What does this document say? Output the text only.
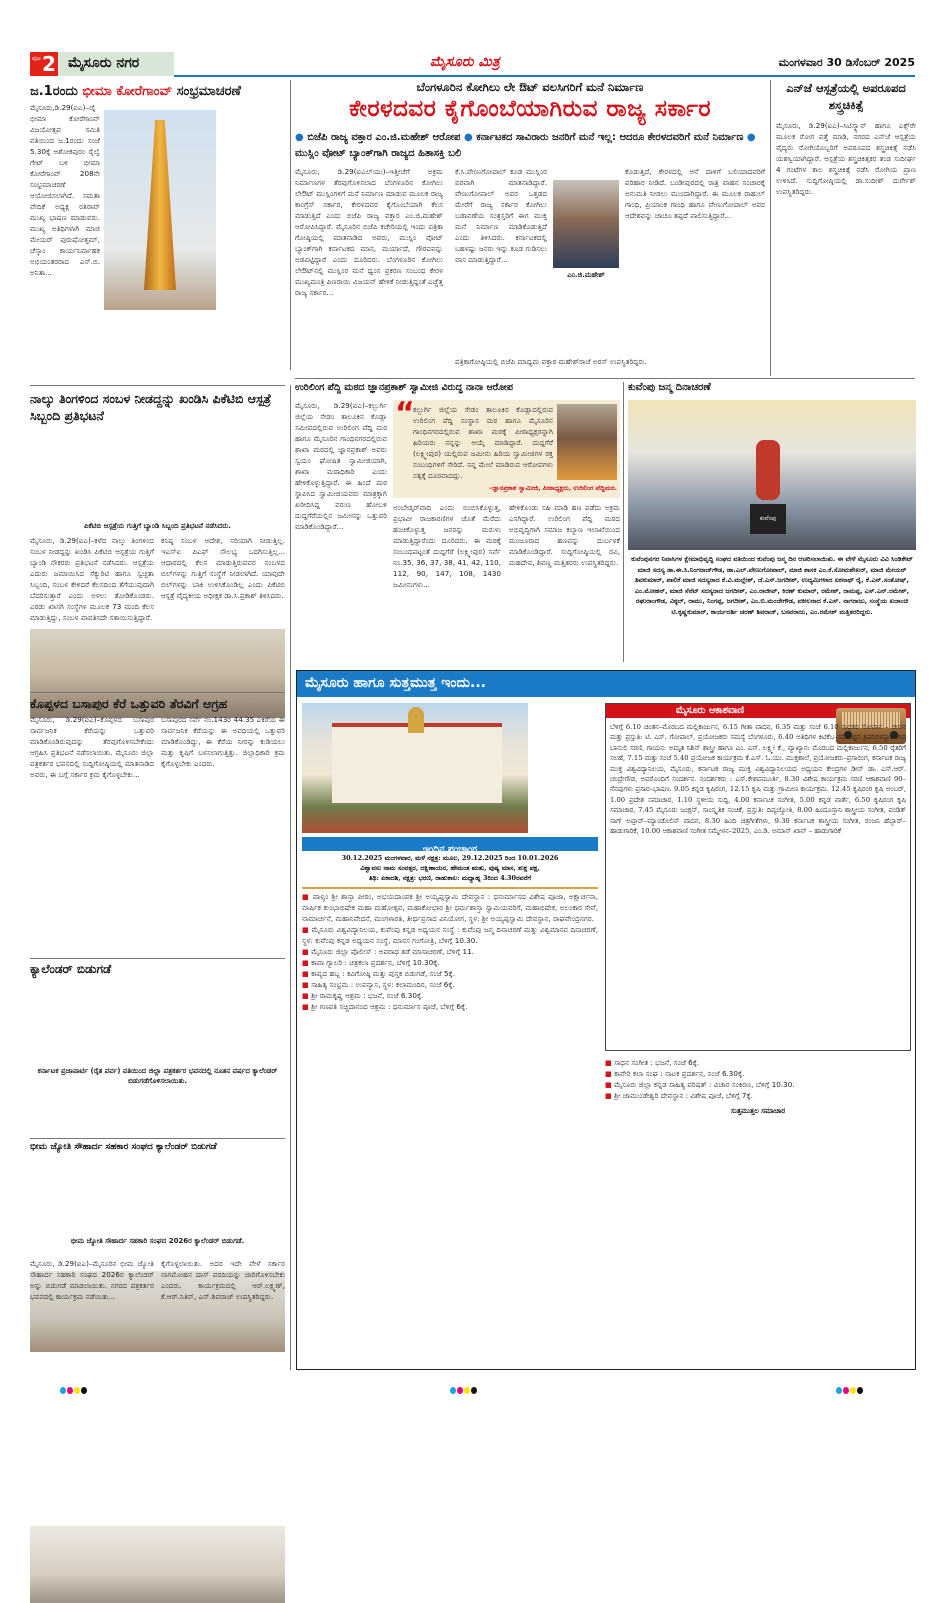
ಪುಟ 2 ಮೈಸೂರು ನಗರ	ಮೈಸೂರು ಮಿತ್ರ	ಮಂಗಳವಾರ 30 ಡಿಸೆಂಬರ್ 2025
ಜ.1ರಂದು ಭೀಮಾ ಕೋರೆಗಾಂವ್ ಸಂಭ್ರಮಾಚರಣೆ
ಮೈಸೂರು,ಡಿ.29(ಐಎ)–ಜೈ ಭೀಮಾ ಕೋರೆಗಾಂವ್ ವಿಜಯೋತ್ಸವ ಸಮಿತಿ ವತಿಯಿಂದ ಜ.1ರಂದು ಸಂಜೆ 5.30ಕ್ಕೆ ಅಶೋಕಪುರಂ ರೈಲ್ವೆ ಗೇಟ್ ಬಳಿ ಭೀಮಾ ಕೋರೆಗಾಂವ್ 208ನೇ ಸಂಭ್ರಮಾಚರಣೆ ಆಯೋಜಿಸಲಾಗಿದೆ. ಸಮತಾ ವೇದಿಕೆ ಅಧ್ಯಕ್ಷ ರತಿರಾವ್ ಮುಖ್ಯ ಭಾಷಣ ಮಾಡುವರು. ಮುಖ್ಯ ಅತಿಥಿಗಳಾಗಿ ಮಾಜಿ ಮೇಯರ್ ಪುರುಷೋತ್ತಮ್, ಚೆಸ್ಕಾಂ ಕಾರ್ಯನಿರ್ವಾಹಕ ಅಭಿಯಂತರರಾದ ಎಸ್.ಬಿ. ಅನಿತಾ...
ನಾಲ್ಕು ತಿಂಗಳಿಂದ ಸಂಬಳ ನೀಡದ್ದನ್ನು ಖಂಡಿಸಿ ಪಿಕೆಟಿಬಿ ಆಸ್ಪತ್ರೆ ಸಿಬ್ಬಂದಿ ಪ್ರತಿಭಟನೆ
ಪಿಕೆಟಿಬಿ ಆಸ್ಪತ್ರೆಯ ಗುತ್ತಿಗೆ ಬ್ಯಾಂಡಿ ಸಿಬ್ಬಂದಿ ಪ್ರತಿಭಟನೆ ನಡೆಸಿದರು.
ಮೈಸೂರು, ಡಿ.29(ಐಎ)–ಕಳೆದ ನಾಲ್ಕು ತಿಂಗಳಿಂದ ಸಂಬಳ ನೀಡದ್ದನ್ನು ಖಂಡಿಸಿ ಪಿಕೆಟಿಬಿ ಆಸ್ಪತ್ರೆಯ ಗುತ್ತಿಗೆ ಬ್ಯಾಂಡಿ ನೌಕರರು ಪ್ರತಿಭಟನೆ ನಡೆಸಿದರು. ಆಸ್ಪತ್ರೆಯ ಎದುರು ಜಮಾಯಿಸಿದ ಸೆಕ್ಯುರಿಟಿ ಹಾಗೂ ಸ್ವಚ್ಛತಾ ಸಿಬ್ಬಂದಿ, ಸಂಬಳ ಕೇಳಿದರೆ ಕೆಲಸದಿಂದ ತೆಗೆಯುವುದಾಗಿ ಬೆದರಿಸುತ್ತಾರೆ ಎಂದು ಅಳಲು ತೋಡಿಕೊಂಡರು. ಎರಡು ಖಾಸಗಿ ಸಂಸ್ಥೆಗಳ ಮೂಲಕ 73 ಮಂದಿ ಕೆಲಸ ಮಾಡುತ್ತಿದ್ದು, ಸಂಬಳ ಪಾವತಿಸದೇ ಸತಾಯಿಸುತ್ತಿದ್ದಾರೆ.
ಕನಿಷ್ಠ ಸಂಬಳ ಆದೇಶ, ಸರಿಯಾಗಿ ನೀಡುತ್ತಿಲ್ಲ. ಇಎಸ್‌ಐ ಪಿಎಫ್ ಸೌಲಭ್ಯ ಒದಗಿಸುತ್ತಿಲ್ಲ... ಆಧಾರದಲ್ಲಿ ಕೆಲಸ ಮಾಡುತ್ತಿರುವವರ ಸಂಬಳದ ಬಿಲ್‌ಗಳನ್ನು ಗುತ್ತಿಗೆ ಸಂಸ್ಥೆಗೆ ನೀಡಲಾಗಿದೆ. ಯಾವುದೇ ಬಿಲ್‌ಗಳನ್ನು ಬಾಕಿ ಉಳಿಸಿಕೊಂಡಿಲ್ಲ ಎಂದು ಪಿಕೆಟಿಬಿ ಆಸ್ಪತ್ರೆ ವೈದ್ಯಕೀಯ ಅಧೀಕ್ಷಕ ಡಾ.ಸಿ.ಪ್ರಕಾಶ್ ತಿಳಿಸಿದರು.
ಕೊಪ್ಪಳದ ಬಸಾಪುರ ಕೆರೆ ಒತ್ತುವರಿ ತೆರವಿಗೆ ಆಗ್ರಹ
ಮೈಸೂರು, ಡಿ.29(ಐಎ)–ಕೊಪ್ಪಳದ ಬಸಾಪುರ ಸಾರ್ವಜನಿಕ ಕೆರೆಯನ್ನು ಒತ್ತುವರಿ ಮಾಡಿಕೊಂಡಿರುವುದನ್ನು ತೆರವುಗೊಳಿಸಬೇಕೆಂದು ಆಗ್ರಹಿಸಿ ಪ್ರತಿಭಟನೆ ನಡೆಸಲಾಯಿತು. ಮೈಸೂರು ಜಿಲ್ಲಾ ಪತ್ರಕರ್ತರ ಭವನದಲ್ಲಿ ಸುದ್ದಿಗೋಷ್ಠಿಯಲ್ಲಿ ಮಾತನಾಡಿದ ಅವರು, ಈ ಬಗ್ಗೆ ಸರ್ಕಾರ ಕ್ರಮ ಕೈಗೊಳ್ಳಬೇಕು...
ಬಸಾಪುರದ ಸರ್ವೆ ನಂ.143ರ 44.35 ಎಕರೆಯ ಈ ಸಾರ್ವಜನಿಕ ಕೆರೆಯನ್ನು ಈ ಅವಧಿಯಲ್ಲಿ ಒತ್ತುವರಿ ಮಾಡಿಕೊಂಡಿದ್ದು, ಈ ಕೆರೆಯ ನೀರನ್ನು ಕುಡಿಯಲು ಮತ್ತು ಕೃಷಿಗೆ ಬಳಸಲಾಗುತ್ತಿತ್ತು. ಜಿಲ್ಲಾಧಿಕಾರಿ ಕ್ರಮ ಕೈಗೊಳ್ಳಬೇಕು ಎಂದರು.
ಕ್ಯಾಲೆಂಡರ್ ಬಿಡುಗಡೆ
ಕರ್ನಾಟಕ ಪ್ರಜಾಪಾರ್ಟಿ (ರೈತ ಪರ್ವ) ವತಿಯಿಂದ ಜಿಲ್ಲಾ ಪತ್ರಕರ್ತರ ಭವನದಲ್ಲಿ ನೂತನ ವರ್ಷದ ಕ್ಯಾಲೆಂಡರ್ ಬಿಡುಗಡೆಗೊಳಿಸಲಾಯಿತು.
ಭೀಮ ಜ್ಯೋತಿ ಸೌಹಾರ್ದ ಸಹಕಾರ ಸಂಘದ ಕ್ಯಾಲೆಂಡರ್ ಬಿಡುಗಡೆ
ಭೀಮ ಜ್ಯೋತಿ ಸೌಹಾರ್ದ ಸಹಕಾರಿ ಸಂಘದ 2026ರ ಕ್ಯಾಲೆಂಡರ್ ಬಿಡುಗಡೆ.
ಮೈಸೂರು, ಡಿ.29(ಐಎ)–ಮೈಸೂರಿನ ಭೀಮ ಜ್ಯೋತಿ ಸೌಹಾರ್ದ ಸಹಕಾರಿ ಸಂಘದ 2026ರ ಕ್ಯಾಲೆಂಡರ್ ಅನ್ನು ಬಿಡುಗಡೆ ಮಾಡಲಾಯಿತು. ನಗರದ ಪತ್ರಕರ್ತರ ಭವನದಲ್ಲಿ ಕಾರ್ಯಕ್ರಮ ನಡೆಯಿತು...
ಕೈಗೊಳ್ಳಲಾಯಿತು. ಅದರ ಇದೇ ವೇಳೆ ಸರ್ಕಾರ ನಾಗಮೋಹನ ದಾಸ್ ವರದಿಯನ್ನು ಜಾರಿಗೊಳಿಸಬೇಕು ಎಂದರು. ಕಾರ್ಯಕ್ರಮದಲ್ಲಿ ಆರ್.ಲಕ್ಷ್ಮಣ್, ಕೆ.ಆರ್.ನಿತಿನ್, ಎಸ್.ಶಿವರಾಜ್ ಉಪಸ್ಥಿತರಿದ್ದರು.
ಬೆಂಗಳೂರಿನ ಕೋಗಿಲು ಲೇ ಔಟ್ ವಲಸಿಗರಿಗೆ ಮನೆ ನಿರ್ಮಾಣ
ಕೇರಳದವರ ಕೈಗೊಂಬೆಯಾಗಿರುವ ರಾಜ್ಯ ಸರ್ಕಾರ
● ಬಿಜೆಪಿ ರಾಜ್ಯ ವಕ್ತಾರ ಎಂ.ಜಿ.ಮಹೇಶ್ ಆರೋಪ ● ಕರ್ನಾಟಕದ ಸಾವಿರಾರು ಜನರಿಗೆ ಮನೆ ಇಲ್ಲ: ಆದರೂ ಕೇರಳದವರಿಗೆ ಮನೆ ನಿರ್ಮಾಣ ● ಮುಸ್ಲಿಂ ವೋಟ್ ಬ್ಯಾಂಕ್‌ಗಾಗಿ ರಾಜ್ಯದ ಹಿತಾಸಕ್ತಿ ಬಲಿ
ಮೈಸೂರು, ಡಿ.29(ಐಎಲ್‌ಯು)–ಇತ್ತೀಚೆಗೆ ಅಕ್ರಮ ನಿರ್ಮಾಣಗಳ ತೆರವುಗೊಳಿಸಲಾದ ಬೆಂಗಳೂರಿನ ಕೋಗಿಲು ಲೇಔಟ್ ಮುಸ್ಲಿಂಗಳಿಗೆ ಮನೆ ನಿರ್ಮಾಣ ಮಾಡುವ ಮೂಲಕ ರಾಜ್ಯ ಕಾಂಗ್ರೆಸ್ ಸರ್ಕಾರ, ಕೇರಳದವರ ಕೈಗೊಂಬೆಯಾಗಿ ಕೆಲಸ ಮಾಡುತ್ತಿದೆ ಎಂದು ಬಿಜೆಪಿ ರಾಜ್ಯ ವಕ್ತಾರ ಎಂ.ಜಿ.ಮಹೇಶ್ ಆರೋಪಿಸಿದ್ದಾರೆ. ಮೈಸೂರಿನ ಬಿಜೆಪಿ ಕಚೇರಿಯಲ್ಲಿ ಇಂದು ಪತ್ರಿಕಾ ಗೋಷ್ಠಿಯಲ್ಲಿ ಮಾತನಾಡಿದ ಅವರು, ಮುಸ್ಲಿಂ ವೋಟ್ ಬ್ಯಾಂಕ್‌ಗಾಗಿ ಕರ್ನಾಟಕದ ಮಾನ, ಮರ್ಯಾದೆ, ಗೌರವವನ್ನು ಅಡವಿಟ್ಟಿದ್ದಾರೆ ಎಂದು ದೂರಿದರು. ಬೆಂಗಳೂರಿನ ಕೋಗಿಲು ಲೇಔಟ್‌ನಲ್ಲಿ ಮುಸ್ಲಿಂರ ಮನೆ ಧ್ವಂಸ ಪ್ರಕರಣ ಸಂಬಂಧ ಕೇರಳ ಮುಖ್ಯಮಂತ್ರಿ ಪಿಣರಾಯಿ ವಿಜಯನ್ ಹೇಳಿಕೆ ನೀಡುತ್ತಿದ್ದಂತೆ ಎಚ್ಚೆತ್ತ ರಾಜ್ಯ ಸರ್ಕಾರ...
ಕೆ.ಸಿ.ವೇಣುಗೋಪಾಲ್ ಕೂಡ ಮುಸ್ಲಿಂರ ಪರವಾಗಿ ಮಾತನಾಡಿದ್ದಾರೆ. ವೇಣುಗೋಪಾಲ್ ಅವರ ಒತ್ತಡದ ಮೇರೆಗೆ ರಾಜ್ಯ ಸರ್ಕಾರ ಕೋಗಿಲು ಬಡಾವಣೆಯ ಸಂತ್ರಸ್ತರಿಗೆ ಈಗ ಮುಕ್ತ ಮನೆ ನಿರ್ಮಾಣ ಮಾಡಿಕೊಡುತ್ತಿದೆ ಎಂದು ತಿಳಿಸಿದರು. ಕರ್ನಾಟಕದಲ್ಲಿ ಬಹಳಷ್ಟು ಜನರು ಇನ್ನು ಕೂಡ ಗುಡಿಸಲು ವಾಸ ಮಾಡುತ್ತಿದ್ದಾರೆ...
ಎಂ.ಜಿ.ಮಹೇಶ್
ಕೊಡುತ್ತಿದೆ, ಕೇರಳದಲ್ಲಿ ಆನೆ ದಾಳಿಗೆ ಬಲಿಯಾದವರಿಗೆ ಪರಿಹಾರ ನೀಡಿದೆ. ಬಂಡೀಪುರದಲ್ಲಿ ರಾತ್ರಿ ವಾಹನ ಸಂಚಾರಕ್ಕೆ ಅನುಮತಿ ನೀಡಲು ಮುಂದಾಗಿದ್ದಾರೆ. ಈ ಮೂಲಕ ರಾಹುಲ್ ಗಾಂಧಿ, ಪ್ರಿಯಾಂಕ ಗಾಂಧಿ ಹಾಗೂ ವೇಣುಗೋಪಾಲ್ ಅವರ ಆದೇಶವನ್ನು ಚಾಚೂ ತಪ್ಪದೆ ಪಾಲಿಸುತ್ತಿದ್ದಾರೆ...
ಪತ್ರಿಕಾಗೋಷ್ಠಿಯಲ್ಲಿ ಬಿಜೆಪಿ ಮಾಧ್ಯಮ ವಕ್ತಾರ ಮಹೇಶ್‌ರಾಜೆ ಅರಸ್ ಉಪಸ್ಥಿತರಿದ್ದರು.
ಎನ್‌ಜೆ ಆಸ್ಪತ್ರೆಯಲ್ಲಿ ಅಪರೂಪದ ಶಸ್ತ್ರಚಿಕಿತ್ಸೆ
ಮೈಸೂರು, ಡಿ.29(ಐಎ)–ಸಿಟಿಸ್ಕ್ಯಾನ್ ಹಾಗೂ ಎಕ್ಸ್‌ರೇ ಮೂಲಕ ರೋಗ ಪತ್ತೆ ಮಾಡಿ, ನಗರದ ಎನ್‌ಜೆ ಆಸ್ಪತ್ರೆಯ ವೈದ್ಯರು ರೋಗಿಯೊಬ್ಬರಿಗೆ ಅಪರೂಪದ ಶಸ್ತ್ರಚಿಕಿತ್ಸೆ ನಡೆಸಿ ಯಶಸ್ವಿಯಾಗಿದ್ದಾರೆ. ಆಸ್ಪತ್ರೆಯ ಶಸ್ತ್ರಚಿಕಿತ್ಸಕರ ತಂಡ ಸುದೀರ್ಘ 4 ಗಂಟೆಗಳ ಕಾಲ ಶಸ್ತ್ರಚಿಕಿತ್ಸೆ ನಡೆಸಿ ರೋಗಿಯ ಪ್ರಾಣ ಉಳಿಸಿದೆ. ಸುದ್ದಿಗೋಷ್ಠಿಯಲ್ಲಿ ಡಾ.ಸುದೀಶ್ ದುರ್ಗೇಶ್ ಉಪಸ್ಥಿತರಿದ್ದರು.
ಉರಿಲಿಂಗ ಪೆದ್ದಿ ಮಠದ ಜ್ಞಾನಪ್ರಕಾಶ್ ಸ್ವಾಮೀಜಿ ವಿರುದ್ಧ ನಾನಾ ಆರೋಪ
ಮೈಸೂರು, ಡಿ.29(ಐಎ)–ಕಲ್ಬುರ್ಗಿ ಜಿಲ್ಲೆಯ ಸೇಡಂ ತಾಲೂಕಿನ ಕೊಡ್ಲಾ ಸಮೀಪದಲ್ಲಿರುವ ಉರಿಲಿಂಗ ಪೆದ್ದಿ ಮಠ ಹಾಗೂ ಮೈಸೂರಿನ ಗಾಂಧಿನಗರದಲ್ಲಿರುವ ಶಾಖಾ ಮಠದಲ್ಲಿ ಜ್ಞಾನಪ್ರಕಾಶ್ ಅವರು ಸ್ವಯಂ ಘೋಷಿತ ಸ್ವಾಮೀಜಿಯಾಗಿ, ಶಾಖಾ ಮಠಾಧಿಕಾರಿ ಎಂದು ಹೇಳಿಕೊಳ್ಳುತ್ತಿದ್ದಾರೆ. ಈ ಹಿಂದೆ ಮಠ ಸ್ಥಾಪಿಸಿದ ಸ್ವಾಮೀಜಿಯವರು ಮಾತ್ರಕ್ಕಾಗಿ ಖರೀದಿಸಿದ್ದ ವರುಣ ಹೋಬಳಿ ದುದ್ದಗೆರೆಯಲ್ಲಿನ ಜಮೀನನ್ನು ಒತ್ತುವರಿ ಮಾಡಿಕೊಂಡಿದ್ದಾರೆ...
“
ಕಲ್ಬುರ್ಗಿ ಜಿಲ್ಲೆಯ ಸೇಡಂ ತಾಲೂಕಿನ ಕೊಡ್ಲಾದಲ್ಲಿರುವ ಉರಿಲಿಂಗ ಪೆದ್ದಿ ಸಂಸ್ಥಾನ ಮಠ ಹಾಗೂ ಮೈಸೂರಿನ ಗಾಂಧಿನಗರದಲ್ಲಿರುವ ಶಾಖಾ ಮಠಕ್ಕೆ ಪೀಠಾಧ್ಯಕ್ಷರನ್ನಾಗಿ ಹಿರಿಯರು ನನ್ನನ್ನು ಆಯ್ಕೆ ಮಾಡಿದ್ದಾರೆ. ದುದ್ದಗೆರೆ (ಲಕ್ಷ್ಮೀಪುರ) ಯಲ್ಲಿರುವ ಜಮೀನು ಹಿರಿಯ ಸ್ವಾಮೀಜಿಗಳ ರಕ್ತ ಸಂಬಂಧಿಗಳಿಗೆ ಸೇರಿದೆ. ನನ್ನ ಮೇಲೆ ಮಾಡಿರುವ ಆರೋಪಗಳು ಸತ್ಯಕ್ಕೆ ದೂರವಾದದ್ದು.
–ಜ್ಞಾನಪ್ರಕಾಶ ಸ್ವಾಮೀಜಿ, ಪೀಠಾಧ್ಯಕ್ಷರು, ಉರಿಲಿಂಗ ಪೆದ್ದಿಮಠ.
ಅಂಬೇಡ್ಕರ್‌ವಾದಿ ಎಂದು ಬಿಂಬಿಸಿಕೊಳ್ಳುತ್ತ, ಪ್ರಭಾವೀ ರಾಜಕಾರಣಿಗಳ ಜೊತೆ ಮೆರೆದು ಹಂಚಿಕೊಳ್ಳುತ್ತ ಜನರನ್ನು ಮರುಳು ಮಾಡುತ್ತಿದ್ದಾರೆಂದು ದೂರಿದರು. ಈ ಮಠಕ್ಕೆ ಸಂಬಂಧಪಟ್ಟಂತೆ ದುದ್ದಗೆರೆ (ಲಕ್ಷ್ಮೀಪುರ) ಸರ್ವೆ ನಂ.35, 36, 37, 38, 41, 42, 110, 112, 90, 147, 108, 1430 ಜಮೀನುಗಳು...
ಹೇಳಿಕೊಂಡು ಸಹಿ ಮಾಡಿ ಹಣ ಪಡೆದು ಅಕ್ರಮ ಎಸಗಿದ್ದಾರೆ. ಉರಿಲಿಂಗ ಪೆದ್ದಿ ಮಠದ ಅಭಿವೃದ್ಧಿಗಾಗಿ ಸಮಾಜ ಕಲ್ಯಾಣ ಇಲಾಖೆಯಿಂದ ಮಂಜೂರಾದ ಹಣವನ್ನು ದುರ್ಬಳಕೆ ಮಾಡಿಕೊಂಡಿದ್ದಾರೆ. ಸುದ್ದಿಗೋಷ್ಠಿಯಲ್ಲಿ ರವಿ, ಮಹದೇವ, ಶಿವಣ್ಣ ಮತ್ತಿತರರು ಉಪಸ್ಥಿತರಿದ್ದರು.
ಕುವೆಂಪು ಜನ್ಮ ದಿನಾಚರಣೆ
ಕುವೆಂಪು
ಕುವೆಂಪುನಗರ ನಿವಾಸಿಗಳ ಕ್ಷೇಮಾಭಿವೃದ್ಧಿ ಸಂಘದ ವತಿಯಿಂದ ಕುವೆಂಪು ಜನ್ಮ ದಿನ ಆಚರಿಸಲಾಯಿತು. ಈ ವೇಳೆ ಮೈಸೂರು ವಿವಿ ಸಿಂಡಿಕೇಟ್ ಮಾಜಿ ಸದಸ್ಯ ಡಾ.ಈ.ಸಿ.ನಿಂಗರಾಜ್‌ಗೌಡ, ಡಾ.ಎಲ್.ವೇಣುಗೋಪಾಲ್, ಮಾಜಿ ಶಾಸಕ ಎಂ.ಕೆ.ಸೋಮಶೇಖರ್, ಮಾಜಿ ಮೇಯರ್ ಶಿವಕುಮಾರ್, ಪಾಲಿಕೆ ಮಾಜಿ ಸದಸ್ಯರಾದ ಕೆ.ವಿ.ಮಲ್ಲೇಶ್, ಜೆ.ಎಸ್.ಜಗದೀಶ್, ಉದ್ಯಮಿಗಳಾದ ಏಕನಾಥ್ ರೈ, ಕೆ.ಎನ್.ಸಂತೋಷ್, ಎಂ.ಮೋಹನ್, ಮಾಜಿ ಸೆನೆಟ್ ಸದಸ್ಯರಾದ ಜಗದೀಶ್, ಎಂ.ರಾಜೀವ್, ಕಿರಣ್ ಕುಮಾರ್, ರಮೇಶ್, ರಾಮಪ್ಪ, ಎಸ್.ಎನ್.ರಮೇಶ್, ರಘುರಾಂಗೌಡ, ವಿಠ್ಠಲ್, ರಾಮು, ನಿಂಗಪ್ಪ, ಜಗದೀಶ್, ಎಂ.ಬಿ.ಮಂಜೇಗೌಡ, ವಕೀಲರಾದ ಕೆ.ಎಸ್. ನಾಗರಾಜು, ಸಂಸ್ಥೆಯ ಖಜಾಂಚಿ ಟಿ.ಕೃಷ್ಣಕುಮಾರ್, ಕಾರ್ಯದರ್ಶಿ ಚರಣ್ ಶಿವರಾಜ್, ಬಸವರಾಜು, ಎಂ.ರಮೇಶ್ ಮತ್ತಿತರರಿದ್ದರು.
ಮೈಸೂರು ಹಾಗೂ ಸುತ್ತಮುತ್ತ ಇಂದು...
ಇಂದಿನ ಪಂಚಾಂಗ
30.12.2025 ಮಂಗಳವಾರ, ಮಳೆ ನಕ್ಷತ್ರ: ಮೂಲ, 29.12.2025 ರಿಂದ 10.01.2026
ವಿಶ್ವಾವಸು ನಾಮ ಸಂವತ್ಸರ, ದಕ್ಷಿಣಾಯನ, ಹೇಮಂತ ಋತು, ಪುಷ್ಯ ಮಾಸ, ಶುಕ್ಲ ಪಕ್ಷ,
ತಿಥಿ: ಏಕಾದಶಿ, ನಕ್ಷತ್ರ: ಭರಣಿ, ರಾಹುಕಾಲ: ಮಧ್ಯಾಹ್ನ 3ರಿಂದ 4.30ರವರೆಗೆ
■ ಪಾಳ್ಯಂ ಶ್ರೀ ಶಾಸ್ತಾ ಪೀಠಂ, ಅಭಯದಾಂಪಕ ಶ್ರೀ ಅಯ್ಯಪ್ಪಸ್ವಾಮಿ ದೇವಸ್ಥಾನ : ಧನುರ್ಮಾಸದ ವಿಶೇಷ ಪೂಜಾ, ಅಕ್ಷಾರ್ಚನಾ, ವಾರ್ಷಿಕ ಕುಂಭಾಭಿಷೇಕ ಮಹಾ ಮಹೋತ್ಸವ, ಮಹಾಕೋಭಾರ ಶ್ರೀ ಧರ್ಮಶಾಸ್ತಾ ಸ್ವಾಮಿಯವರಿಗೆ, ಮಹಾಭಿಷೇಕ, ಅಲಂಕಾರ ಸೇವೆ, ನಾಮಾರ್ಚನೆ, ಮಹಾನಿವೇದನೆ, ಮಂಗಳಾರತಿ, ತೀರ್ಥಪ್ರಸಾದ ವಿನಿಯೋಗ, ಸ್ಥಳ: ಶ್ರೀ ಅಯ್ಯಪ್ಪಸ್ವಾಮಿ ದೇವಸ್ಥಾನ, ರಾಘವೇಂದ್ರನಗರ.
■ ಮೈಸೂರು ವಿಶ್ವವಿದ್ಯಾನಿಲಯ, ಕುವೆಂಪು ಕನ್ನಡ ಅಧ್ಯಯನ ಸಂಸ್ಥೆ : ಕುವೆಂಪು ಜನ್ಮ ದಿನಾಚರಣೆ ಮತ್ತು ವಿಶ್ವಮಾನವ ದಿನಾಚರಣೆ, ಸ್ಥಳ: ಕುವೆಂಪು ಕನ್ನಡ ಅಧ್ಯಯನ ಸಂಸ್ಥೆ, ಮಾನಸ ಗಂಗೋತ್ರಿ, ಬೆಳಿಗ್ಗೆ 10.30.
■ ಮೈಸೂರು ಜಿಲ್ಲಾ ಪೊಲೀಸ್ : ಅಪರಾಧ ತಡೆ ಮಾಸಾಚರಣೆ, ಬೆಳಿಗ್ಗೆ 11.
■ ಕಾವಾ ಗ್ಯಾಲರಿ : ಚಿತ್ರಕಲಾ ಪ್ರದರ್ಶನ, ಬೆಳಿಗ್ಗೆ 10.30ಕ್ಕೆ.
■ ಕಾವ್ಯದ ಹಬ್ಬ : ಕವಿಗೋಷ್ಠಿ ಮತ್ತು ಪುಸ್ತಕ ಬಿಡುಗಡೆ, ಸಂಜೆ 5ಕ್ಕೆ.
■ ಸಾಹಿತ್ಯ ಸಂಭ್ರಮ : ಉಪನ್ಯಾಸ, ಸ್ಥಳ: ಕಲಾಮಂದಿರ, ಸಂಜೆ 6ಕ್ಕೆ.
■ ಶ್ರೀ ರಾಮಕೃಷ್ಣ ಆಶ್ರಮ : ಭಜನೆ, ಸಂಜೆ 6.30ಕ್ಕೆ.
■ ಶ್ರೀ ಗಣಪತಿ ಸಚ್ಚಿದಾನಂದ ಆಶ್ರಮ : ಧನುರ್ಮಾಸ ಪೂಜೆ, ಬೆಳಿಗ್ಗೆ 6ಕ್ಕೆ.
ಮೈಸೂರು ಆಕಾಶವಾಣಿ
ಬೆಳಿಗ್ಗೆ 6.10 ಚಿಂತನ–ಮೊರಬದ ಮಲ್ಲಿಕಾರ್ಜುನ, 6.15 ಗೀತಾ ವಾದನ, 6.35 ಮತ್ತು ಸಂಜೆ 6.10 ಸಾಧಕರ ಸೋಪಾನ – ಜೀವನ ಮತ್ತು ಪ್ರಸ್ತುತಿ: ಟಿ. ಎಸ್. ಗೋಪಾಲ್, ಪ್ರಯೋಜಕರು ಸಮಸ್ಯೆ ಬೆಂಗಳೂರು, 6.40 ಅತಿಥಿಗಳ ಕಿಟಿಕೆಬ–ಸರ್ಪಾಟ್ಟಿನ ತ್ರಿಪದಿಗಳನ್ನಾಧರಿಸಿದ ಬಾನುಲಿ ಸರಣಿ, ಗಾಯನ: ಅಮೃತ ನಿಶಿನ್ ಶಾಸ್ತ್ರೀ ಹಾಗೂ ಎಂ. ಎಸ್. ಲಕ್ಷ್ಮೀ ಕೆ., ವ್ಯಾಖ್ಯಾನ: ಮೊರಬದ ಮಲ್ಲಿಕಾರ್ಜುನ, 6.50 ರೈತರಿಗೆ ಸಲಹೆ, 7.15 ಮತ್ತು ಸಂಜೆ 5.40 ಪ್ರಯೋಜಕ ಕಾರ್ಯಕ್ರಮ ಕೆ.ಎಸ್. ಓ.ಯು. ಮುಕ್ತಶಾಲೆ, ಪ್ರಯೋಜಕರು–ಪ್ರಸಾರಂಗ, ಕರ್ನಾಟಕ ರಾಜ್ಯ ಮುಕ್ತ ವಿಶ್ವವಿದ್ಯಾನಿಲಯ, ಮೈಸೂರು, ಕರ್ನಾಟಕ ರಾಜ್ಯ ಮುಕ್ತ ವಿಶ್ವವಿದ್ಯಾನಿಲಯದ ಅಧ್ಯಯನ ಕೇಂದ್ರಗಳ ಡೀನ್ ಡಾ. ಎಸ್.ಆರ್. ಚಂದ್ರೇಗೌಡ, ಅವರೊಂದಿಗೆ ಸಂದರ್ಶನ. ಸಂದರ್ಶಕರು : ಎಸ್.ಕೇಶವಮೂರ್ತಿ, 8.30 ವಿಶೇಷ ಕಾರ್ಯಕ್ರಮ ಸರಣಿ ಆಕಾಶವಾಣಿ 90–ನೆನಪುಗಳು ಪ್ರಸಾರ–ಭಾಷಣ. 9.05 ಕನ್ನಡ ಕೃಷಿರಂಗ, 12.15 ಕೃಷಿ ಮತ್ತು ಗ್ರಾಮೀಣ ಕಾರ್ಯಕ್ರಮ. 12.45 ಕೃಷಿರಂಗ ಕೃಷಿ ಅಂಬರ್, 1.00 ಪ್ರದೇಶ ಸಮಾಚಾರ, 1.10 ಸ್ಥಳೀಯ ಸುದ್ದಿ, 4.00 ಕರ್ನಾಟಕ ಸಂಗೀತ, 5.00 ಕನ್ನಡ ವಾರ್ತೆ, 6.50 ಕೃಷಿರಂಗ ಕೃಷಿ ಸಮಾಚಾರ, 7.45 ಮೈಸೂರು ಜಂಕ್ಷನ್, ಸಾಂಸ್ಕೃತಿಕ ಸಂಚಿಕೆ, ಪ್ರಸ್ತುತಿ: ದಿವ್ಯಜ್ಯೋತಿ, 8.00 ಹಿಂದೂಸ್ತಾನಿ ಶಾಸ್ತ್ರೀಯ ಸಂಗೀತ, ಪಂಡಿತ್ ನಾಗ್ ಅಪ್ಪಾರ್–ಮ್ಯಾಂಡೊಲಿನ್ ವಾದನ, 8.30 ಹಿಂದಿ ಚಿತ್ರಗೀತೆಗಳು, 9.30 ಕರ್ನಾಟಕ ಶಾಸ್ತ್ರೀಯ ಸಂಗೀತ, ರಂಜನಿ ಹೆಬ್ಬಾರ್– ಹಾಡುಗಾರಿಕೆ, 10.00 ಆಕಾಶವಾಣಿ ಸಂಗೀತ ಸಮ್ಮೇಳನ–2025, ಎಂ.ಡಿ. ಅಮಾನ್ ಖಾನ್ – ಹಾಡುಗಾರಿಕೆ
■ ಸಾಧನ ಸಂಗೀತ : ಭಜನೆ, ಸಂಜೆ 6ಕ್ಕೆ.
■ ಕಾವೇರಿ ಕಲಾ ಸಂಘ : ನಾಟಕ ಪ್ರದರ್ಶನ, ಸಂಜೆ 6.30ಕ್ಕೆ.
■ ಮೈಸೂರು ಜಿಲ್ಲಾ ಕನ್ನಡ ಸಾಹಿತ್ಯ ಪರಿಷತ್ : ವಿಚಾರ ಸಂಕಿರಣ, ಬೆಳಿಗ್ಗೆ 10.30.
■ ಶ್ರೀ ಚಾಮುಂಡೇಶ್ವರಿ ದೇವಸ್ಥಾನ : ವಿಶೇಷ ಪೂಜೆ, ಬೆಳಿಗ್ಗೆ 7ಕ್ಕೆ.
ಸುತ್ತಮುತ್ತಲ ಸಮಾಚಾರ
